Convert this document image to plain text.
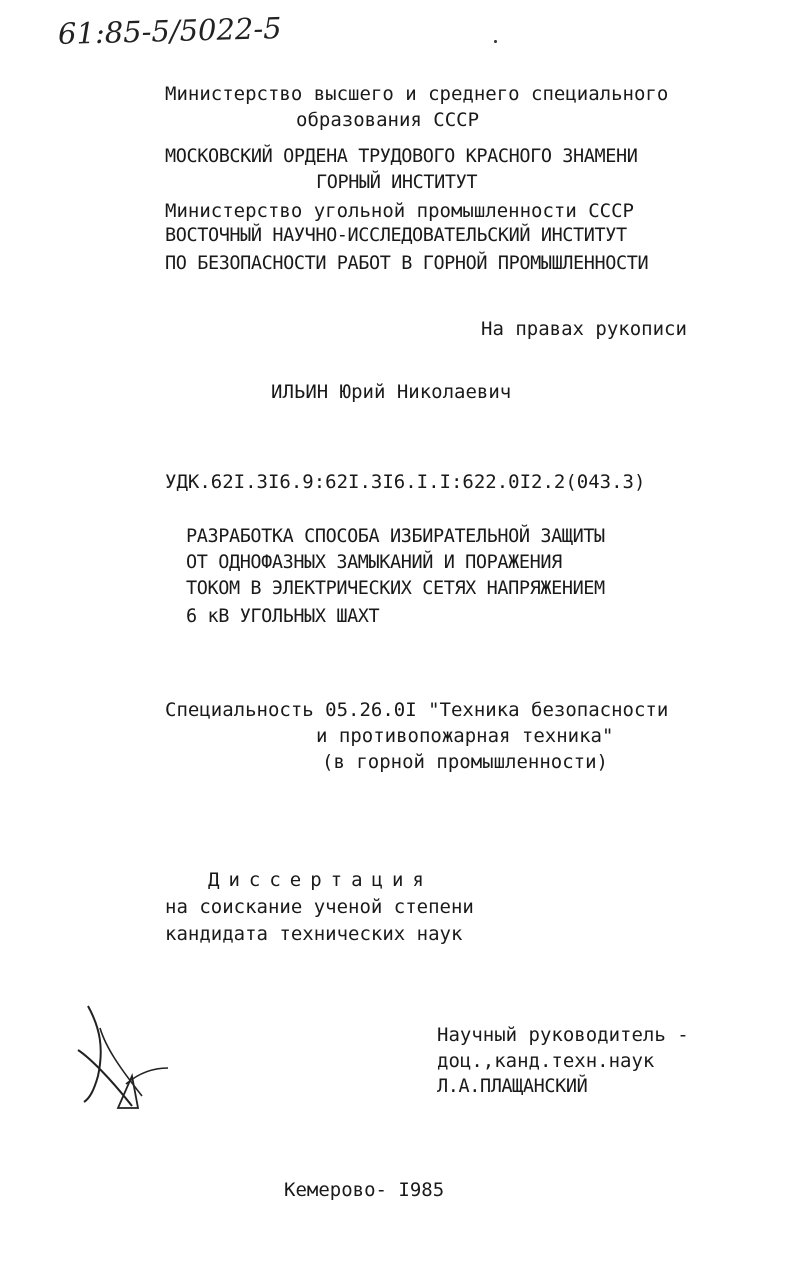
61:85-5/5022-5
Министерство высшего и среднего специального
образования СССР
МОСКОВСКИЙ ОРДЕНА ТРУДОВОГО КРАСНОГО ЗНАМЕНИ
ГОРНЫЙ ИНСТИТУТ
Министерство угольной промышленности СССР
ВОСТОЧНЫЙ НАУЧНО-ИССЛЕДОВАТЕЛЬСКИЙ ИНСТИТУТ
ПО БЕЗОПАСНОСТИ РАБОТ В ГОРНОЙ ПРОМЫШЛЕННОСТИ
На правах рукописи
ИЛЬИН Юрий Николаевич
УДК.62I.3I6.9:62I.3I6.I.I:622.0I2.2(043.3)
РАЗРАБОТКА СПОСОБА ИЗБИРАТЕЛЬНОЙ ЗАЩИТЫ
ОТ ОДНОФАЗНЫХ ЗАМЫКАНИЙ И ПОРАЖЕНИЯ
ТОКОМ В ЭЛЕКТРИЧЕСКИХ СЕТЯХ НАПРЯЖЕНИЕМ
6 кВ УГОЛЬНЫХ ШАХТ
Специальность 05.26.0I "Техника безопасности
и противопожарная техника"
(в горной промышленности)
Диссертация
на соискание ученой степени
кандидата технических наук
Научный руководитель -
доц.,канд.техн.наук
Л.А.ПЛАЩАНСКИЙ
Кемерово- I985
